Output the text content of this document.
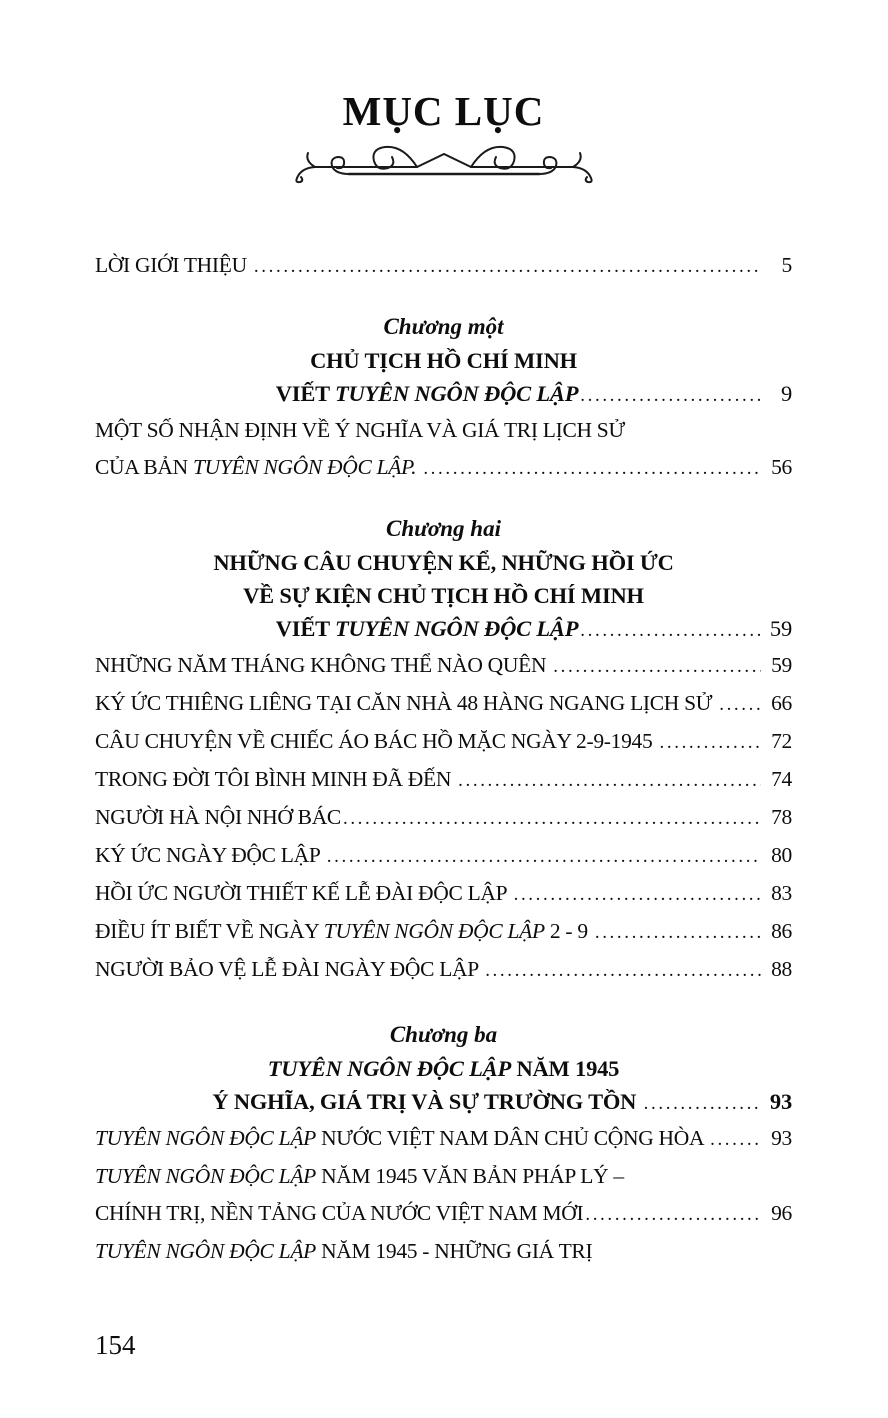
MỤC LỤC
LỜI GIỚI THIỆU .....	5
Chương một
CHỦ TỊCH HỒ CHÍ MINH
VIẾT TUYÊN NGÔN ĐỘC LẬP .....	9
MỘT SỐ NHẬN ĐỊNH VỀ Ý NGHĨA VÀ GIÁ TRỊ LỊCH SỬ
CỦA BẢN TUYÊN NGÔN ĐỘC LẬP. .....	56
Chương hai
NHỮNG CÂU CHUYỆN KỂ, NHỮNG HỒI ỨC
VỀ SỰ KIỆN CHỦ TỊCH HỒ CHÍ MINH
VIẾT TUYÊN NGÔN ĐỘC LẬP .....	59
NHỮNG NĂM THÁNG KHÔNG THỂ NÀO QUÊN .....	59
KÝ ỨC THIÊNG LIÊNG TẠI CĂN NHÀ 48 HÀNG NGANG LỊCH SỬ .....	66
CÂU CHUYỆN VỀ CHIẾC ÁO BÁC HỒ MẶC NGÀY 2-9-1945 .....	72
TRONG ĐỜI TÔI BÌNH MINH ĐÃ ĐẾN .....	74
NGƯỜI HÀ NỘI NHỚ BÁC .....	78
KÝ ỨC NGÀY ĐỘC LẬP .....	80
HỒI ỨC NGƯỜI THIẾT KẾ LỄ ĐÀI ĐỘC LẬP .....	83
ĐIỀU ÍT BIẾT VỀ NGÀY TUYÊN NGÔN ĐỘC LẬP 2 - 9 .....	86
NGƯỜI BẢO VỆ LỄ ĐÀI NGÀY ĐỘC LẬP .....	88
Chương ba
TUYÊN NGÔN ĐỘC LẬP NĂM 1945
Ý NGHĨA, GIÁ TRỊ VÀ SỰ TRƯỜNG TỒN .....	93
TUYÊN NGÔN ĐỘC LẬP NƯỚC VIỆT NAM DÂN CHỦ CỘNG HÒA .....	93
TUYÊN NGÔN ĐỘC LẬP NĂM 1945 VĂN BẢN PHÁP LÝ –
CHÍNH TRỊ, NỀN TẢNG CỦA NƯỚC VIỆT NAM MỚI .....	96
TUYÊN NGÔN ĐỘC LẬP NĂM 1945 - NHỮNG GIÁ TRỊ
154
